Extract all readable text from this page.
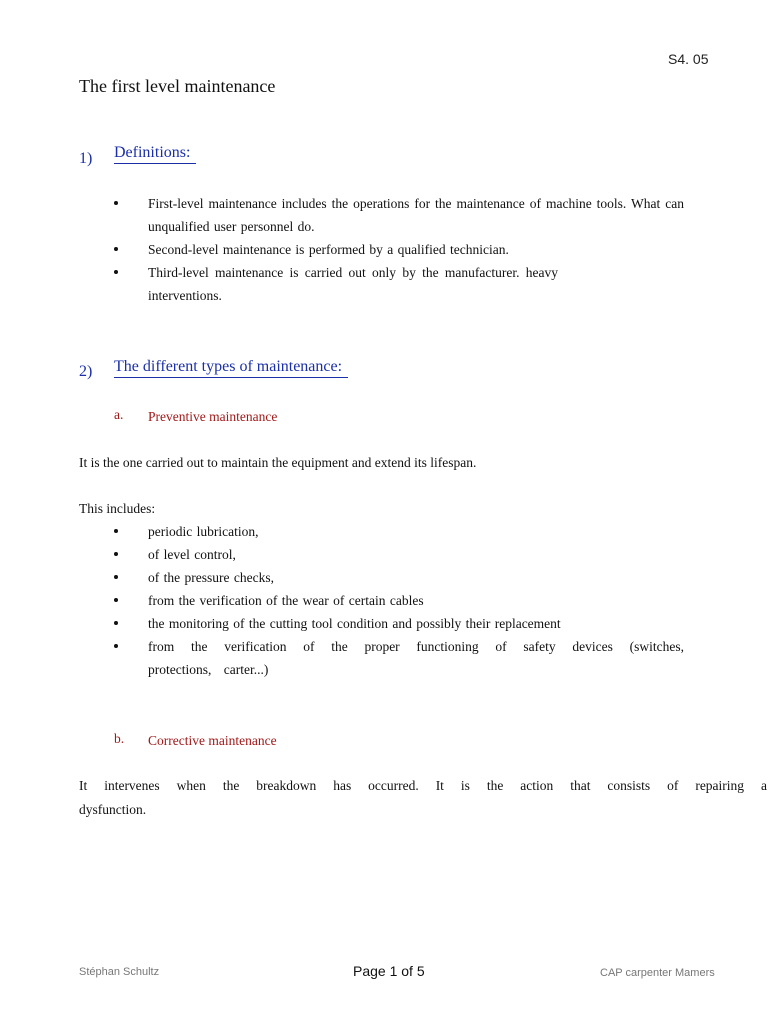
S4. 05
The first level maintenance
1) Definitions:
First-level maintenance includes the operations for the maintenance of machine tools. What can unqualified user personnel do.
Second-level maintenance is performed by a qualified technician.
Third-level maintenance is carried out only by the manufacturer. heavy interventions.
2) The different types of maintenance:
a. Preventive maintenance
It is the one carried out to maintain the equipment and extend its lifespan.
This includes:
periodic lubrication,
of level control,
of the pressure checks,
from the verification of the wear of certain cables
the monitoring of the cutting tool condition and possibly their replacement
from the verification of the proper functioning of safety devices (switches, protections, carter...)
b. Corrective maintenance
It intervenes when the breakdown has occurred. It is the action that consists of repairing a
dysfunction.
Stéphan Schultz	Page 1 of 5	CAP carpenter Mamers
